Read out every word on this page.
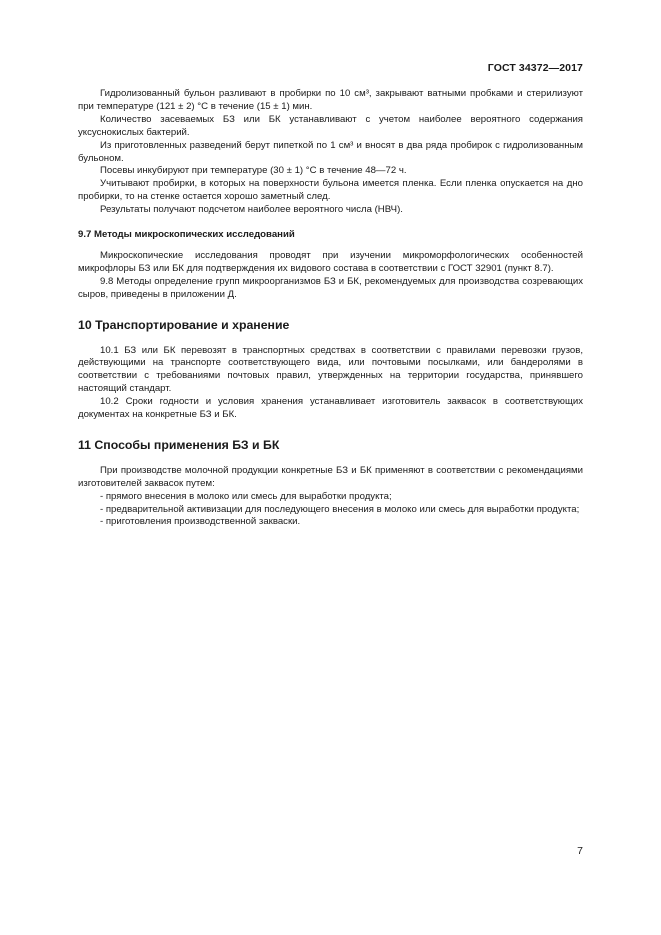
ГОСТ 34372—2017

Гидролизованный бульон разливают в пробирки по 10 см³, закрывают ватными пробками и стерилизуют при температуре (121 ± 2) °С в течение (15 ± 1) мин.

Количество засеваемых БЗ или БК устанавливают с учетом наиболее вероятного содержания уксуснокислых бактерий.

Из приготовленных разведений берут пипеткой по 1 см³ и вносят в два ряда пробирок с гидролизованным бульоном.

Посевы инкубируют при температуре (30 ± 1) °С в течение 48—72 ч.

Учитывают пробирки, в которых на поверхности бульона имеется пленка. Если пленка опускается на дно пробирки, то на стенке остается хорошо заметный след.

Результаты получают подсчетом наиболее вероятного числа (НВЧ).

9.7 Методы микроскопических исследований

Микроскопические исследования проводят при изучении микроморфологических особенностей микрофлоры БЗ или БК для подтверждения их видового состава в соответствии с ГОСТ 32901 (пункт 8.7).

9.8 Методы определение групп микроорганизмов БЗ и БК, рекомендуемых для производства созревающих сыров, приведены в приложении Д.

10 Транспортирование и хранение

10.1 БЗ или БК перевозят в транспортных средствах в соответствии с правилами перевозки грузов, действующими на транспорте соответствующего вида, или почтовыми посылками, или бандеролями в соответствии с требованиями почтовых правил, утвержденных на территории государства, принявшего настоящий стандарт.

10.2 Сроки годности и условия хранения устанавливает изготовитель заквасок в соответствующих документах на конкретные БЗ и БК.

11 Способы применения БЗ и БК

При производстве молочной продукции конкретные БЗ и БК применяют в соответствии с рекомендациями изготовителей заквасок путем:

- прямого внесения в молоко или смесь для выработки продукта;

- предварительной активизации для последующего внесения в молоко или смесь для выработки продукта;

- приготовления производственной закваски.

7
